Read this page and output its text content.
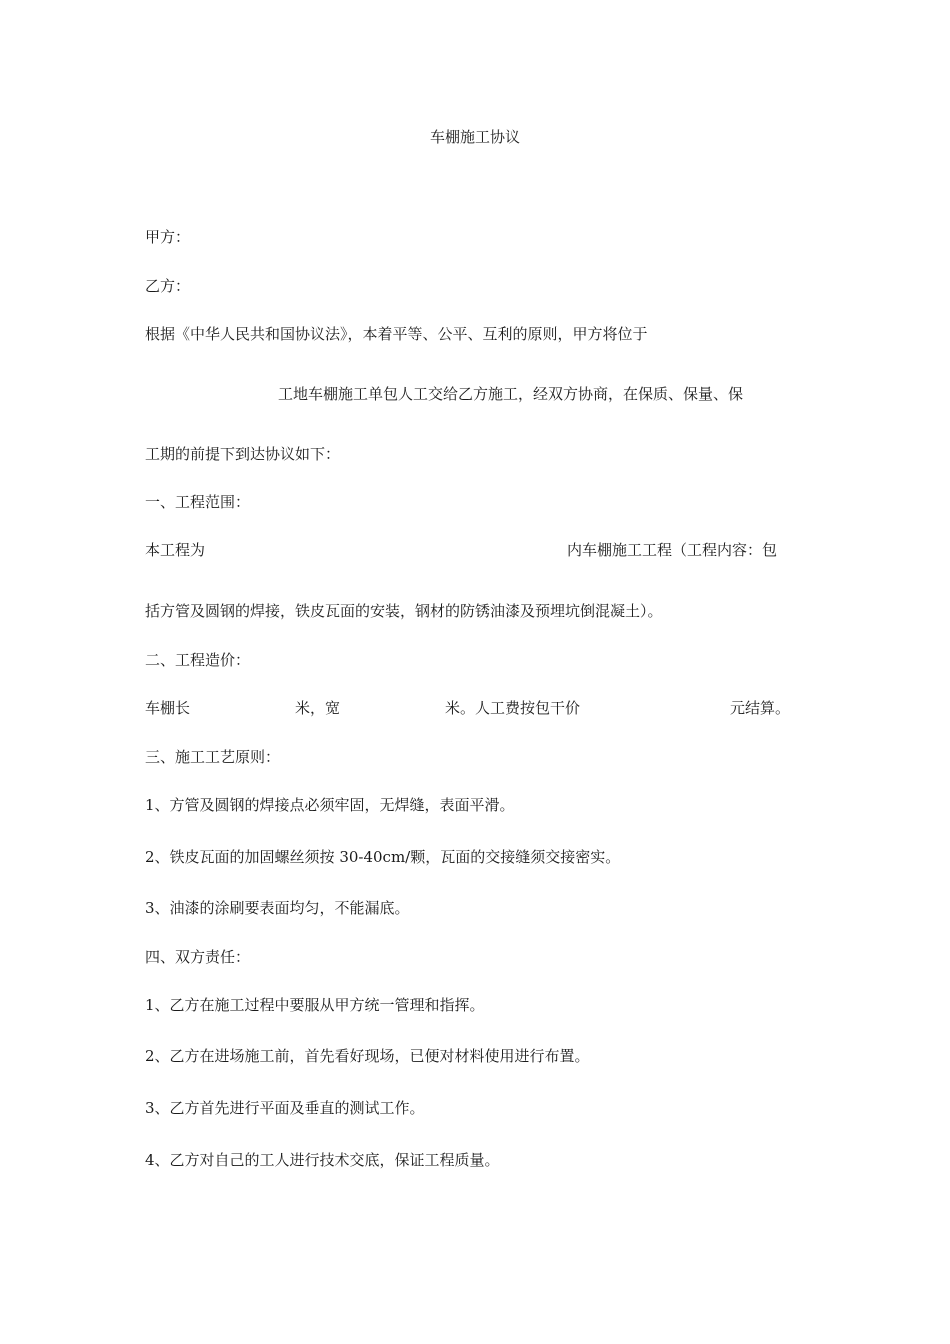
车棚施工协议
甲方：
乙方：
根据《中华人民共和国协议法》，本着平等、公平、互利的原则，甲方将位于
工地车棚施工单包人工交给乙方施工，经双方协商，在保质、保量、保
工期的前提下到达协议如下：
一、工程范围：
本工程为	内车棚施工工程（工程内容：包
括方管及圆钢的焊接，铁皮瓦面的安装，钢材的防锈油漆及预埋坑倒混凝土）。
二、工程造价：
车棚长	米，宽	米。人工费按包干价	元结算。
三、施工工艺原则：
1、方管及圆钢的焊接点必须牢固，无焊缝，表面平滑。
2、铁皮瓦面的加固螺丝须按 30-40cm/颗，瓦面的交接缝须交接密实。
3、油漆的涂刷要表面均匀，不能漏底。
四、双方责任：
1、乙方在施工过程中要服从甲方统一管理和指挥。
2、乙方在进场施工前，首先看好现场，已便对材料使用进行布置。
3、乙方首先进行平面及垂直的测试工作。
4、乙方对自己的工人进行技术交底，保证工程质量。
